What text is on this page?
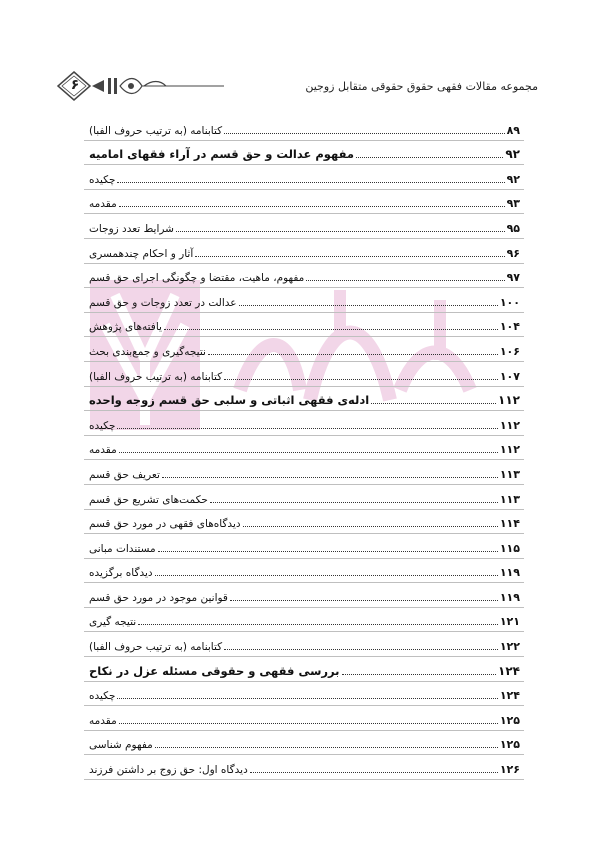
۶	مجموعه مقالات فقهی حقوق حقوقی متقابل زوجین
کتابنامه (به ترتیب حروف الفبا)	۸۹
مفهوم عدالت و حق قسم در آراء فقهای امامیه	۹۲
چکیده	۹۲
مقدمه	۹۳
شرایط تعدد زوجات	۹۵
آثار و احکام چندهمسری	۹۶
مفهوم، ماهیت، مقتضا و چگونگی اجرای حق قسم	۹۷
عدالت در تعدد زوجات و حق قسم	۱۰۰
یافته‌های پژوهش	۱۰۴
نتیجه‌گیری و جمع‌بندی بحث	۱۰۶
کتابنامه (به ترتیب حروف الفبا)	۱۰۷
ادله‌ی فقهی اثباتی و سلبی حق قسم زوجه واحده	۱۱۲
چکیده	۱۱۲
مقدمه	۱۱۲
تعریف حق قسم	۱۱۳
حکمت‌های تشریع حق قسم	۱۱۳
دیدگاه‌های فقهی در مورد حق قسم	۱۱۴
مستندات مبانی	۱۱۵
دیدگاه برگزیده	۱۱۹
قوانین موجود در مورد حق قسم	۱۱۹
نتیجه گیری	۱۲۱
کتابنامه (به ترتیب حروف الفبا)	۱۲۲
بررسی فقهی و حقوقی مسئله عزل در نکاح	۱۲۴
چکیده	۱۲۴
مقدمه	۱۲۵
مفهوم شناسی	۱۲۵
دیدگاه اول: حق زوج بر داشتن فرزند	۱۲۶
